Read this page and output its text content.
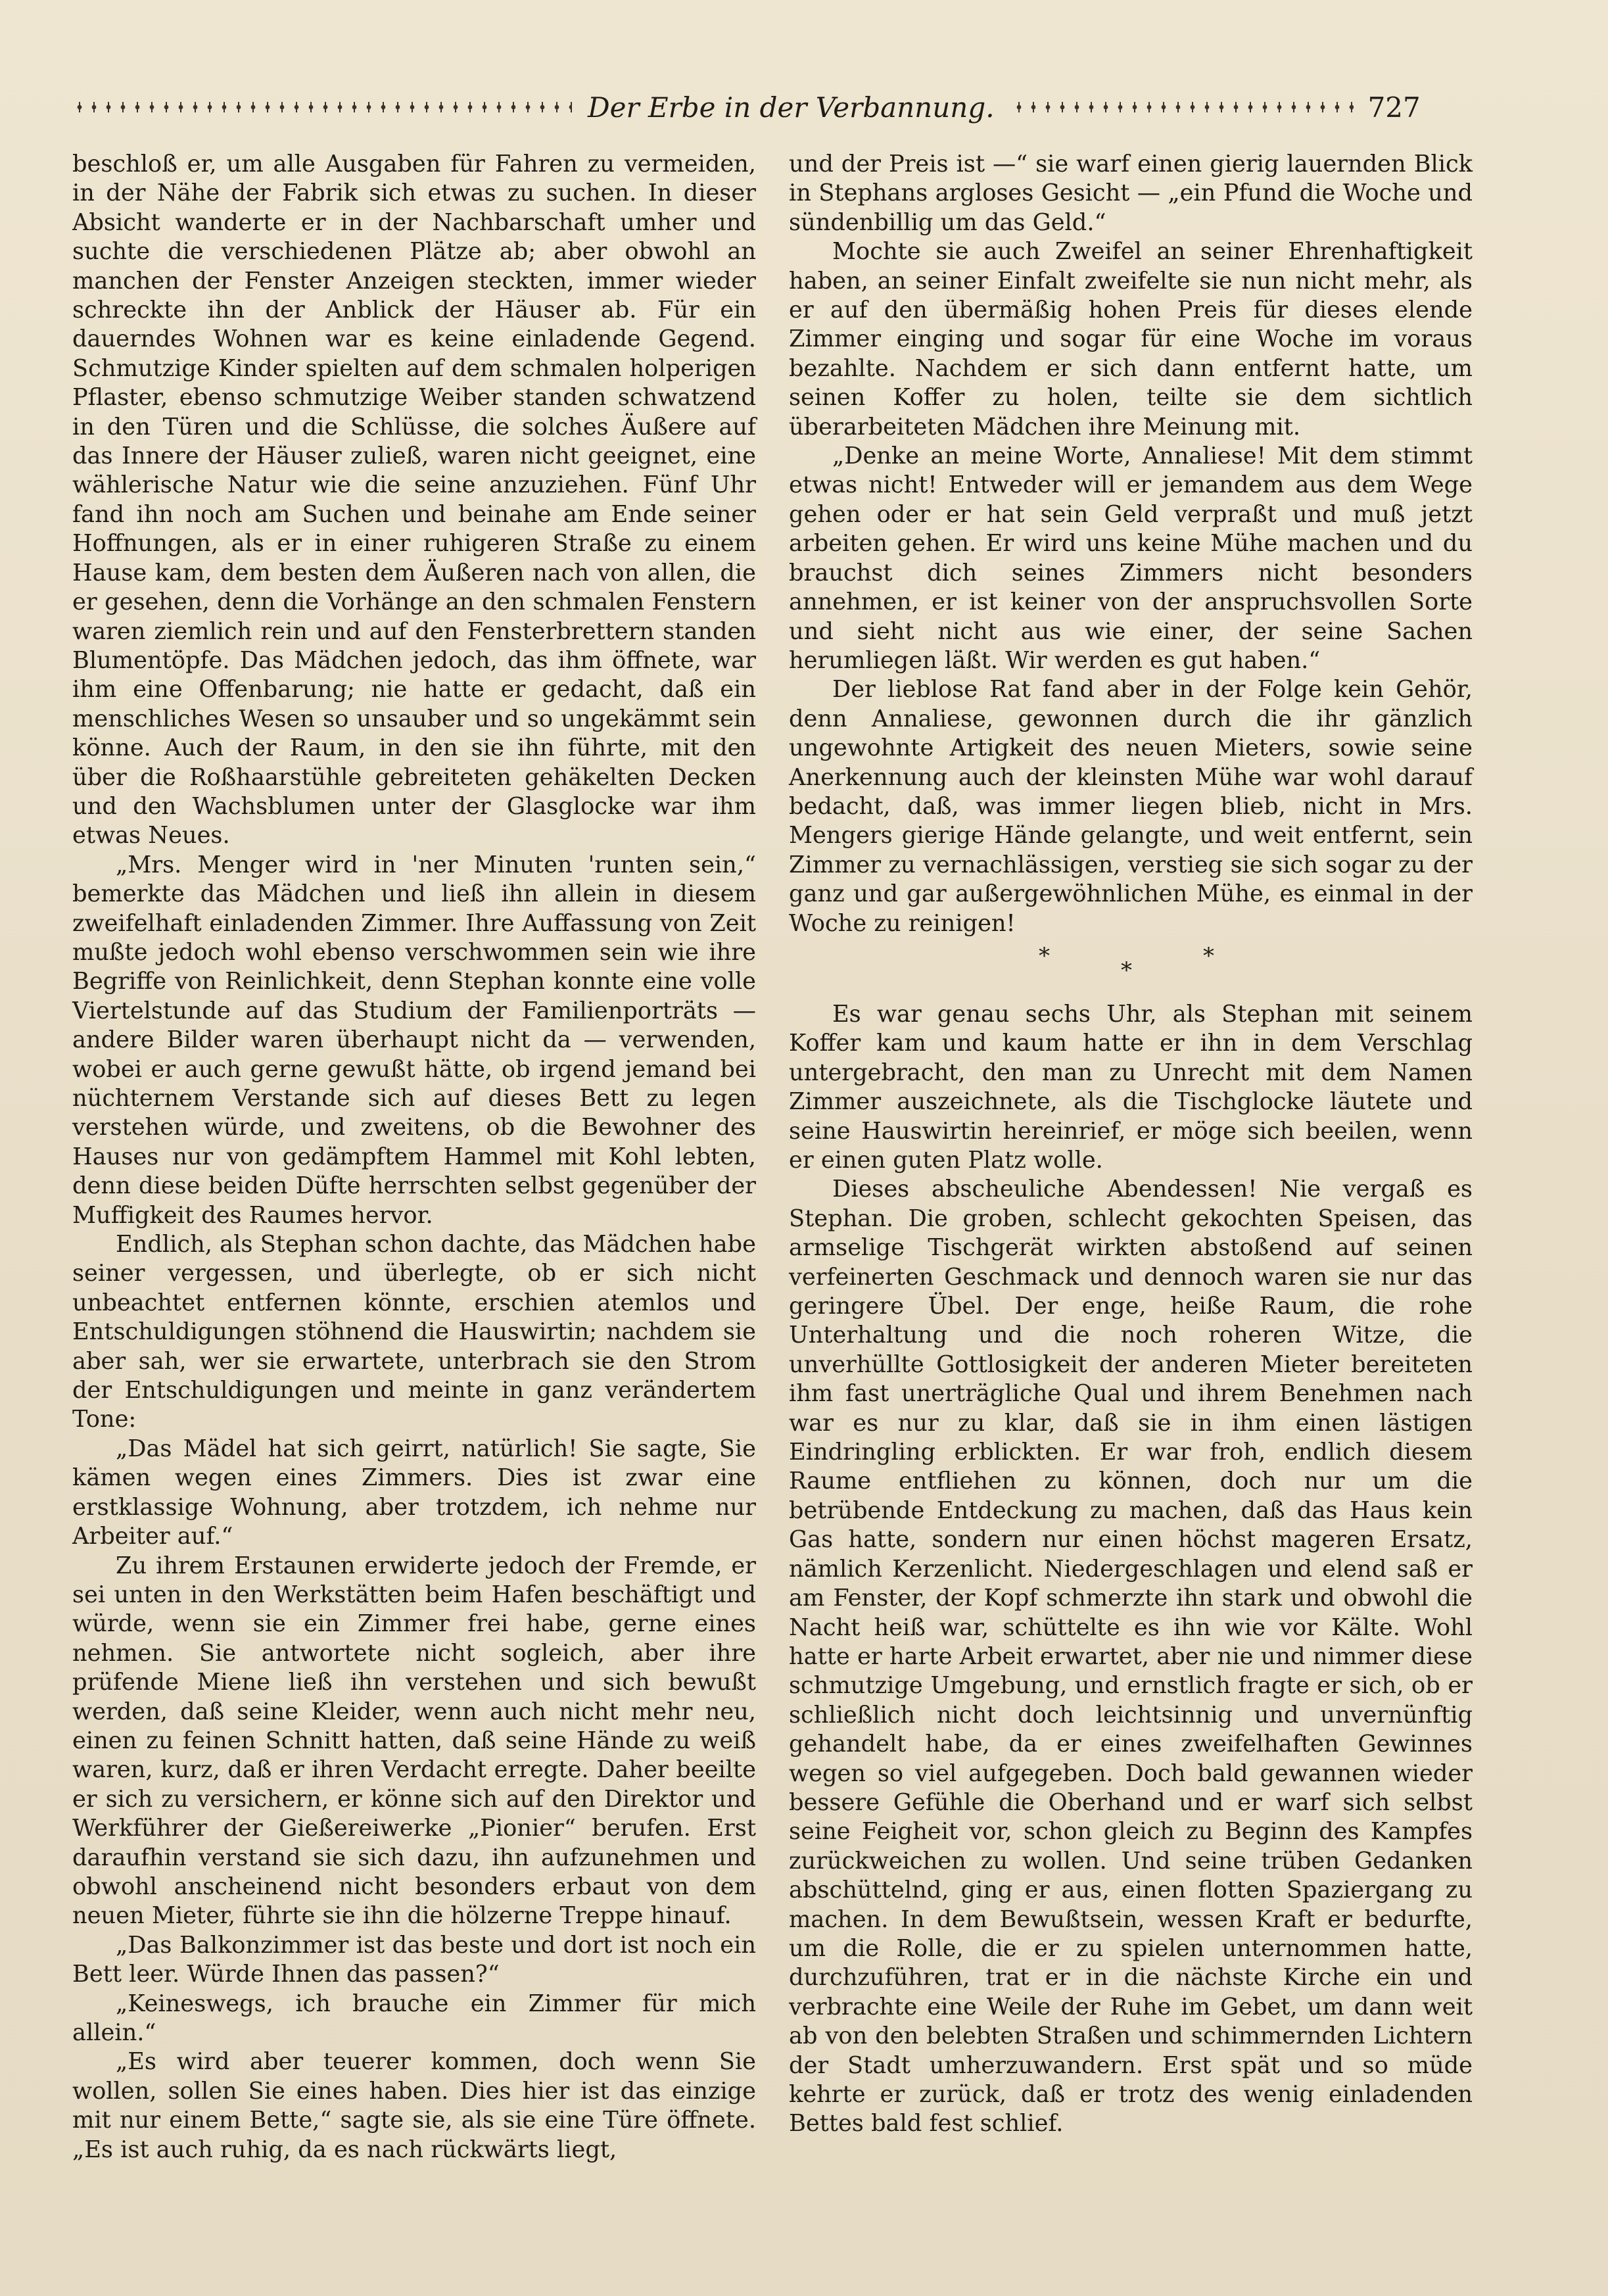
Der Erbe in der Verbannung.	727

beschloß er, um alle Ausgaben für Fahren zu vermeiden, in der Nähe der Fabrik sich etwas zu suchen. In dieser Absicht wanderte er in der Nachbarschaft umher und suchte die verschiedenen Plätze ab; aber obwohl an manchen der Fenster Anzeigen steckten, immer wieder schreckte ihn der Anblick der Häuser ab. Für ein dauerndes Wohnen war es keine einladende Gegend. Schmutzige Kinder spielten auf dem schmalen holperigen Pflaster, ebenso schmutzige Weiber standen schwatzend in den Türen und die Schlüsse, die solches Äußere auf das Innere der Häuser zuließ, waren nicht geeignet, eine wählerische Natur wie die seine anzuziehen. Fünf Uhr fand ihn noch am Suchen und beinahe am Ende seiner Hoffnungen, als er in einer ruhigeren Straße zu einem Hause kam, dem besten dem Äußeren nach von allen, die er gesehen, denn die Vorhänge an den schmalen Fenstern waren ziemlich rein und auf den Fensterbrettern standen Blumentöpfe. Das Mädchen jedoch, das ihm öffnete, war ihm eine Offenbarung; nie hatte er gedacht, daß ein menschliches Wesen so unsauber und so ungekämmt sein könne. Auch der Raum, in den sie ihn führte, mit den über die Roßhaarstühle gebreiteten gehäkelten Decken und den Wachsblumen unter der Glasglocke war ihm etwas Neues.

„Mrs. Menger wird in 'ner Minuten 'runten sein,“ bemerkte das Mädchen und ließ ihn allein in diesem zweifelhaft einladenden Zimmer. Ihre Auffassung von Zeit mußte jedoch wohl ebenso verschwommen sein wie ihre Begriffe von Reinlichkeit, denn Stephan konnte eine volle Viertelstunde auf das Studium der Familienporträts — andere Bilder waren überhaupt nicht da — verwenden, wobei er auch gerne gewußt hätte, ob irgend jemand bei nüchternem Verstande sich auf dieses Bett zu legen verstehen würde, und zweitens, ob die Bewohner des Hauses nur von gedämpftem Hammel mit Kohl lebten, denn diese beiden Düfte herrschten selbst gegenüber der Muffigkeit des Raumes hervor.

Endlich, als Stephan schon dachte, das Mädchen habe seiner vergessen, und überlegte, ob er sich nicht unbeachtet entfernen könnte, erschien atemlos und Entschuldigungen stöhnend die Hauswirtin; nachdem sie aber sah, wer sie erwartete, unterbrach sie den Strom der Entschuldigungen und meinte in ganz verändertem Tone:

„Das Mädel hat sich geirrt, natürlich! Sie sagte, Sie kämen wegen eines Zimmers. Dies ist zwar eine erstklassige Wohnung, aber trotzdem, ich nehme nur Arbeiter auf.“

Zu ihrem Erstaunen erwiderte jedoch der Fremde, er sei unten in den Werkstätten beim Hafen beschäftigt und würde, wenn sie ein Zimmer frei habe, gerne eines nehmen. Sie antwortete nicht sogleich, aber ihre prüfende Miene ließ ihn verstehen und sich bewußt werden, daß seine Kleider, wenn auch nicht mehr neu, einen zu feinen Schnitt hatten, daß seine Hände zu weiß waren, kurz, daß er ihren Verdacht erregte. Daher beeilte er sich zu versichern, er könne sich auf den Direktor und Werkführer der Gießereiwerke „Pionier“ berufen. Erst daraufhin verstand sie sich dazu, ihn aufzunehmen und obwohl anscheinend nicht besonders erbaut von dem neuen Mieter, führte sie ihn die hölzerne Treppe hinauf.

„Das Balkonzimmer ist das beste und dort ist noch ein Bett leer. Würde Ihnen das passen?“

„Keineswegs, ich brauche ein Zimmer für mich allein.“

„Es wird aber teuerer kommen, doch wenn Sie wollen, sollen Sie eines haben. Dies hier ist das einzige mit nur einem Bette,“ sagte sie, als sie eine Türe öffnete. „Es ist auch ruhig, da es nach rückwärts liegt,

und der Preis ist —“ sie warf einen gierig lauernden Blick in Stephans argloses Gesicht — „ein Pfund die Woche und sündenbillig um das Geld.“

Mochte sie auch Zweifel an seiner Ehrenhaftigkeit haben, an seiner Einfalt zweifelte sie nun nicht mehr, als er auf den übermäßig hohen Preis für dieses elende Zimmer einging und sogar für eine Woche im voraus bezahlte. Nachdem er sich dann entfernt hatte, um seinen Koffer zu holen, teilte sie dem sichtlich überarbeiteten Mädchen ihre Meinung mit.

„Denke an meine Worte, Annaliese! Mit dem stimmt etwas nicht! Entweder will er jemandem aus dem Wege gehen oder er hat sein Geld verpraßt und muß jetzt arbeiten gehen. Er wird uns keine Mühe machen und du brauchst dich seines Zimmers nicht besonders annehmen, er ist keiner von der anspruchsvollen Sorte und sieht nicht aus wie einer, der seine Sachen herumliegen läßt. Wir werden es gut haben.“

Der lieblose Rat fand aber in der Folge kein Gehör, denn Annaliese, gewonnen durch die ihr gänzlich ungewohnte Artigkeit des neuen Mieters, sowie seine Anerkennung auch der kleinsten Mühe war wohl darauf bedacht, daß, was immer liegen blieb, nicht in Mrs. Mengers gierige Hände gelangte, und weit entfernt, sein Zimmer zu vernachlässigen, verstieg sie sich sogar zu der ganz und gar außergewöhnlichen Mühe, es einmal in der Woche zu reinigen!

*
*
*

Es war genau sechs Uhr, als Stephan mit seinem Koffer kam und kaum hatte er ihn in dem Verschlag untergebracht, den man zu Unrecht mit dem Namen Zimmer auszeichnete, als die Tischglocke läutete und seine Hauswirtin hereinrief, er möge sich beeilen, wenn er einen guten Platz wolle.

Dieses abscheuliche Abendessen! Nie vergaß es Stephan. Die groben, schlecht gekochten Speisen, das armselige Tischgerät wirkten abstoßend auf seinen verfeinerten Geschmack und dennoch waren sie nur das geringere Übel. Der enge, heiße Raum, die rohe Unterhaltung und die noch roheren Witze, die unverhüllte Gottlosigkeit der anderen Mieter bereiteten ihm fast unerträgliche Qual und ihrem Benehmen nach war es nur zu klar, daß sie in ihm einen lästigen Eindringling erblickten. Er war froh, endlich diesem Raume entfliehen zu können, doch nur um die betrübende Entdeckung zu machen, daß das Haus kein Gas hatte, sondern nur einen höchst mageren Ersatz, nämlich Kerzenlicht. Niedergeschlagen und elend saß er am Fenster, der Kopf schmerzte ihn stark und obwohl die Nacht heiß war, schüttelte es ihn wie vor Kälte. Wohl hatte er harte Arbeit erwartet, aber nie und nimmer diese schmutzige Umgebung, und ernstlich fragte er sich, ob er schließlich nicht doch leichtsinnig und unvernünftig gehandelt habe, da er eines zweifelhaften Gewinnes wegen so viel aufgegeben. Doch bald gewannen wieder bessere Gefühle die Oberhand und er warf sich selbst seine Feigheit vor, schon gleich zu Beginn des Kampfes zurückweichen zu wollen. Und seine trüben Gedanken abschüttelnd, ging er aus, einen flotten Spaziergang zu machen. In dem Bewußtsein, wessen Kraft er bedurfte, um die Rolle, die er zu spielen unternommen hatte, durchzuführen, trat er in die nächste Kirche ein und verbrachte eine Weile der Ruhe im Gebet, um dann weit ab von den belebten Straßen und schimmernden Lichtern der Stadt umherzuwandern. Erst spät und so müde kehrte er zurück, daß er trotz des wenig einladenden Bettes bald fest schlief.
